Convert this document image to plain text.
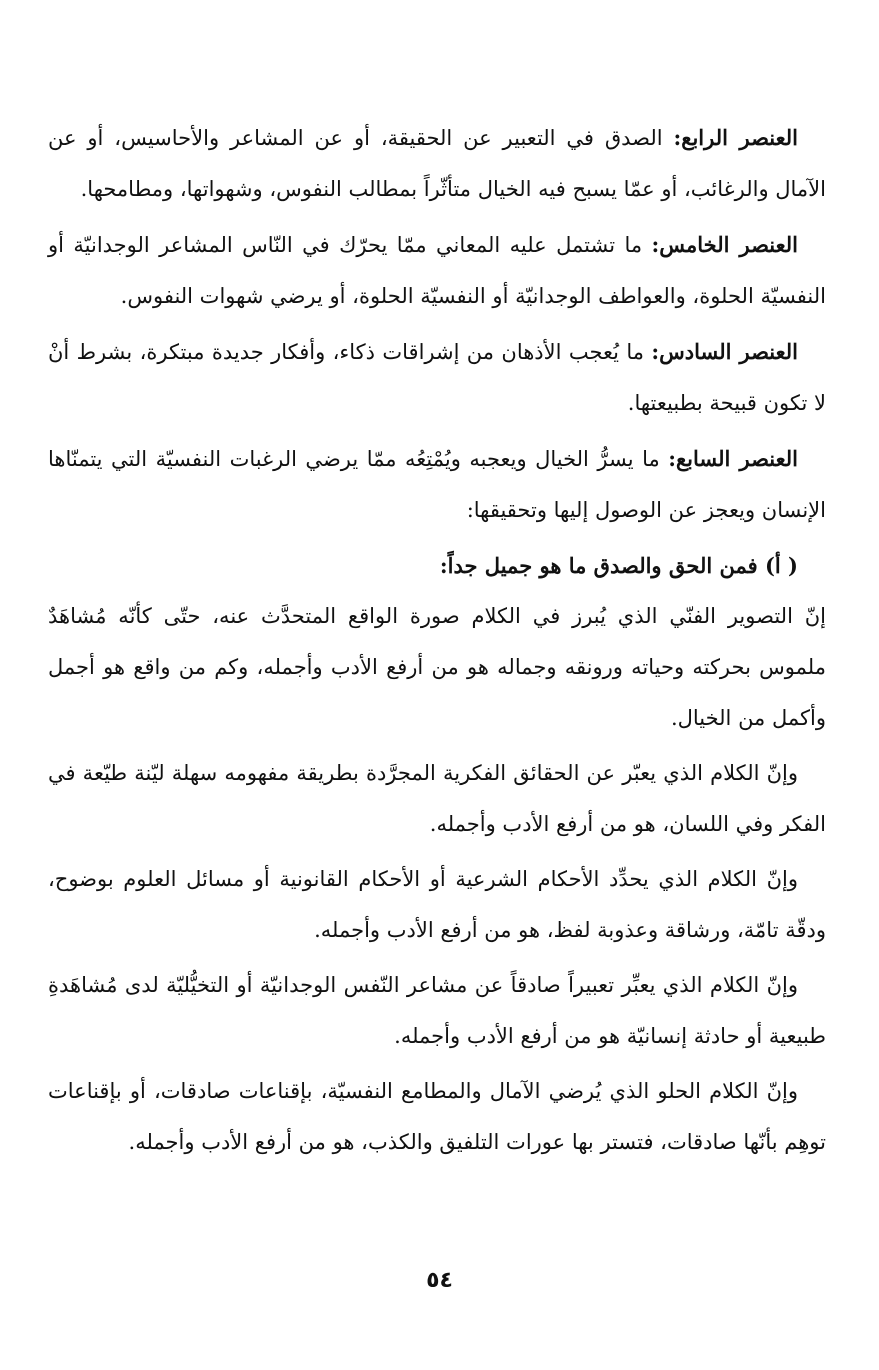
العنصر الرابع: الصدق في التعبير عن الحقيقة، أو عن المشاعر والأحاسيس، أو عن الآمال والرغائب، أو عمّا يسبح فيه الخيال متأثّراً بمطالب النفوس، وشهواتها، ومطامحها.

العنصر الخامس: ما تشتمل عليه المعاني ممّا يحرّك في النّاس المشاعر الوجدانيّة أو النفسيّة الحلوة، والعواطف الوجدانيّة أو النفسيّة الحلوة، أو يرضي شهوات النفوس.

العنصر السادس: ما يُعجب الأذهان من إشراقات ذكاء، وأفكار جديدة مبتكرة، بشرط أنْ لا تكون قبيحة بطبيعتها.

العنصر السابع: ما يسرُّ الخيال ويعجبه ويُمْتِعُه ممّا يرضي الرغبات النفسيّة التي يتمنّاها الإنسان ويعجز عن الوصول إليها وتحقيقها:

( أ) فمن الحق والصدق ما هو جميل جداً:

إنّ التصوير الفنّي الذي يُبرز في الكلام صورة الواقع المتحدَّث عنه، حتّى كأنّه مُشاهَدٌ ملموس بحركته وحياته ورونقه وجماله هو من أرفع الأدب وأجمله، وكم من واقع هو أجمل وأكمل من الخيال.

وإنّ الكلام الذي يعبّر عن الحقائق الفكرية المجرَّدة بطريقة مفهومه سهلة ليّنة طيّعة في الفكر وفي اللسان، هو من أرفع الأدب وأجمله.

وإنّ الكلام الذي يحدِّد الأحكام الشرعية أو الأحكام القانونية أو مسائل العلوم بوضوح، ودقّة تامّة، ورشاقة وعذوبة لفظ، هو من أرفع الأدب وأجمله.

وإنّ الكلام الذي يعبِّر تعبيراً صادقاً عن مشاعر النّفس الوجدانيّة أو التخيُّليّة لدى مُشاهَدةِ طبيعية أو حادثة إنسانيّة هو من أرفع الأدب وأجمله.

وإنّ الكلام الحلو الذي يُرضي الآمال والمطامع النفسيّة، بإقناعات صادقات، أو بإقناعات توهِم بأنّها صادقات، فتستر بها عورات التلفيق والكذب، هو من أرفع الأدب وأجمله.

٥٤
